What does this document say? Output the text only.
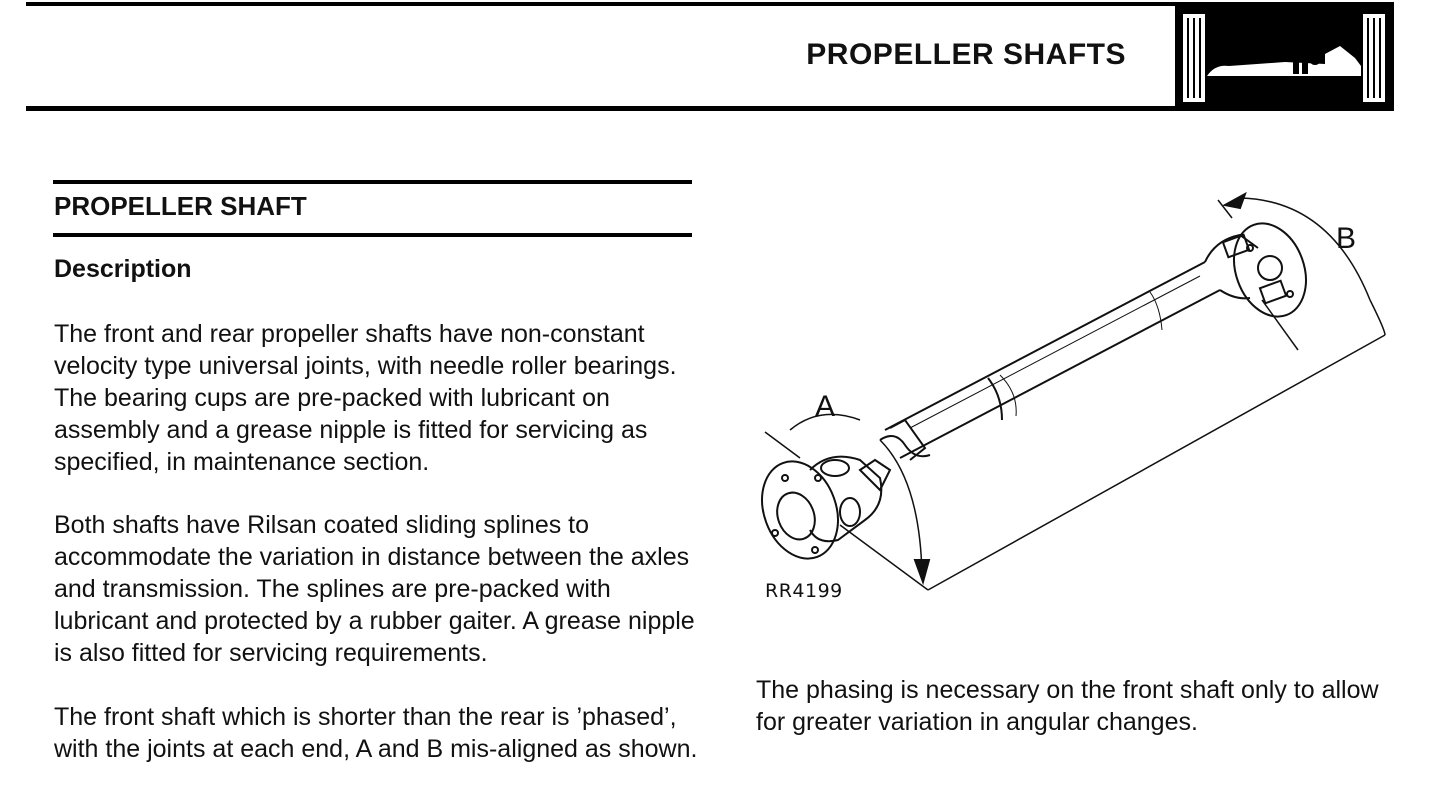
PROPELLER SHAFTS
PROPELLER SHAFT
Description

The front and rear propeller shafts have non-constant velocity type universal joints, with needle roller bearings. The bearing cups are pre-packed with lubricant on assembly and a grease nipple is fitted for servicing as specified, in maintenance section.

Both shafts have Rilsan coated sliding splines to accommodate the variation in distance between the axles and transmission. The splines are pre-packed with lubricant and protected by a rubber gaiter. A grease nipple is also fitted for servicing requirements.

The front shaft which is shorter than the rear is ’phased’, with the joints at each end, A and B mis-aligned as shown.

A
B
RR4199

The phasing is necessary on the front shaft only to allow for greater variation in angular changes.
